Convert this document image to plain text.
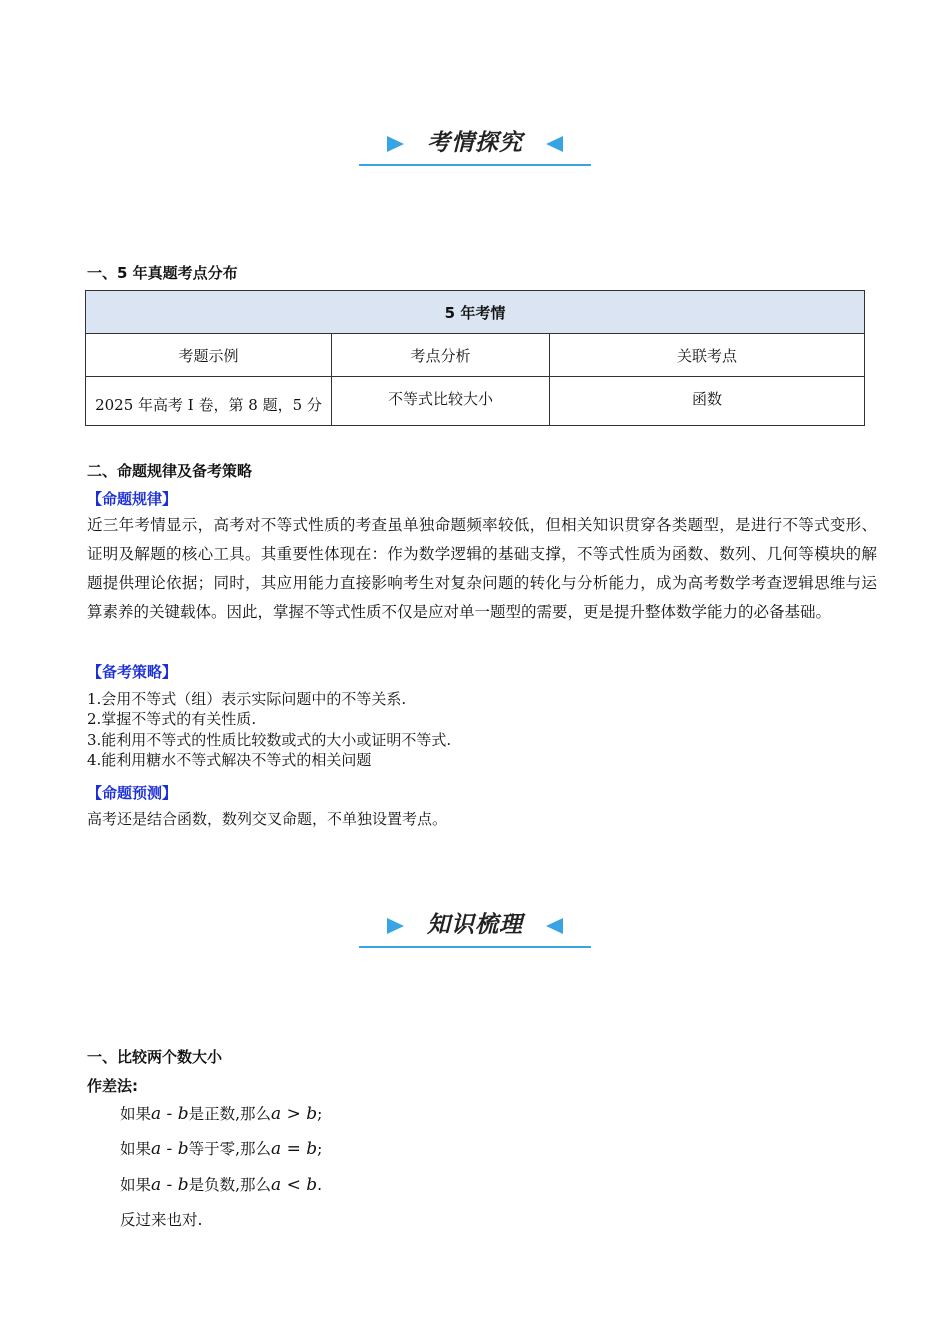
考情探究
一、5 年真题考点分布
5 年考情		
考题示例	考点分析	关联考点
2025 年高考 I 卷，第 8 题，5 分	不等式比较大小	函数
二、命题规律及备考策略
【命题规律】
近三年考情显示，高考对不等式性质的考查虽单独命题频率较低，但相关知识贯穿各类题型，是进行不等式变形、证明及解题的核心工具。其重要性体现在：作为数学逻辑的基础支撑，不等式性质为函数、数列、几何等模块的解题提供理论依据；同时，其应用能力直接影响考生对复杂问题的转化与分析能力，成为高考数学考查逻辑思维与运算素养的关键载体。因此，掌握不等式性质不仅是应对单一题型的需要，更是提升整体数学能力的必备基础。
【备考策略】
1.会用不等式（组）表示实际问题中的不等关系.
2.掌握不等式的有关性质.
3.能利用不等式的性质比较数或式的大小或证明不等式.
4.能利用糖水不等式解决不等式的相关问题
【命题预测】
高考还是结合函数，数列交叉命题，不单独设置考点。
知识梳理
一、比较两个数大小
作差法:
如果a - b是正数,那么a > b;
如果a - b等于零,那么a = b;
如果a - b是负数,那么a < b.
反过来也对.
